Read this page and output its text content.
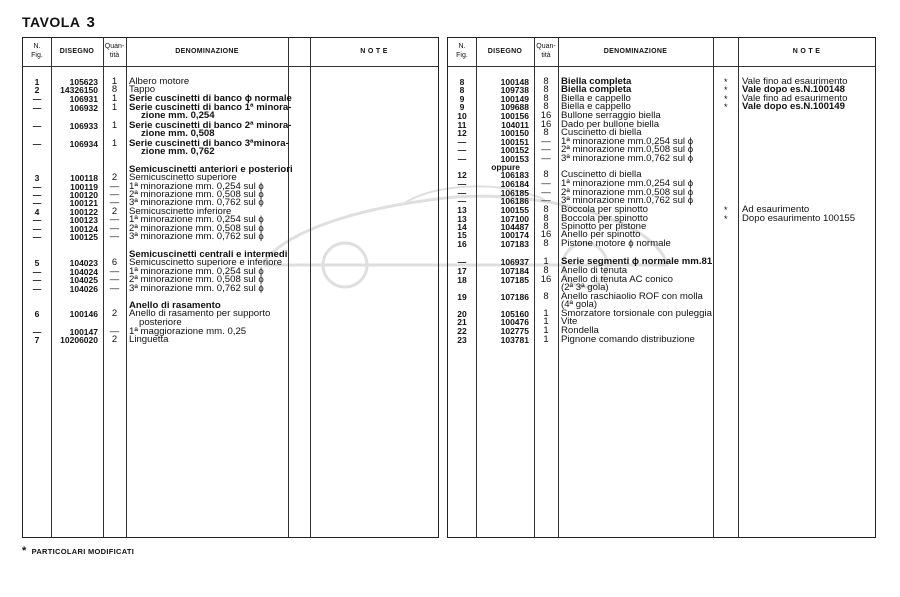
TAVOLA 3
N.
Fig.
DISEGNO
Quan-
tità
DENOMINAZIONE	N O T E
1	105623	1	Albero motore
2	14326150	8	Tappo
—	106931	1	Serie cuscinetti di banco ϕ normale
—	106932	1	Serie cuscinetti di banco 1ª minora-
zione mm. 0,254
—	106933	1	Serie cuscinetti di banco 2ª minora-
zione mm. 0,508
—	106934	1	Serie cuscinetti di banco 3ªminora-
zione mm. 0,762
Semicuscinetti anteriori e posteriori
3	100118	2	Semicuscinetto superiore
—	100119	—	1ª minorazione mm. 0,254 sul ϕ
—	100120	—	2ª minorazione mm. 0,508 sul ϕ
—	100121	—	3ª minorazione mm. 0,762 sul ϕ
4	100122	2	Semicuscinetto inferiore
—	100123	—	1ª minorazione mm. 0,254 sul ϕ
—	100124	—	2ª minorazione mm. 0,508 sul ϕ
—	100125	—	3ª minorazione mm. 0,762 sul ϕ
Semicuscinetti centrali e intermedi
5	104023	6	Semicuscinetto superiore e inferiore
—	104024	—	1ª minorazione mm. 0,254 sul ϕ
—	104025	—	2ª minorazione mm. 0,508 sul ϕ
—	104026	—	3ª minorazione mm. 0,762 sul ϕ
Anello di rasamento
6	100146	2	Anello di rasamento per supporto
posteriore
—	100147	—	1ª maggiorazione mm. 0,25
7	10206020	2	Linguetta
N.
Fig.
DISEGNO
Quan-
tità
DENOMINAZIONE	N O T E
8	100148	8	Biella completa	* Vale fino ad esaurimento
8	109738	8	Biella completa	* Vale dopo es.N.100148
9	100149	8	Biella e cappello	* Vale fino ad esaurimento
9	109688	8	Biella e cappello	* Vale dopo es.N.100149
10	100156	16	Bullone serraggio biella
11	104011	16	Dado per bullone biella
12	100150	8	Cuscinetto di biella
—	100151	—	1ª minorazione mm.0,254 sul ϕ
—	100152	—	2ª minorazione mm.0,508 sul ϕ
—	100153	—	3ª minorazione mm.0,762 sul ϕ
oppure
12	106183	8	Cuscinetto di biella
—	106184	—	1ª minorazione mm.0,254 sul ϕ
—	106185	—	2ª minorazione mm.0,508 sul ϕ
—	106186	—	3ª minorazione mm.0,762 sul ϕ
13	100155	8	Boccola per spinotto	* Ad esaurimento
13	107100	8	Boccola per spinotto	* Dopo esaurimento 100155
14	104487	8	Spinotto per pistone
15	100174	16	Anello per spinotto
16	107183	8	Pistone motore ϕ normale
—	106937	1	Serie segmenti ϕ normale mm.81
17	107184	8	Anello di tenuta
18	107185	16	Anello di tenuta AC conico
(2ª 3ª gola)
19	107186	8	Anello raschiaolio ROF con molla
(4ª gola)
20	105160	1	Smorzatore torsionale con puleggia
21	100476	1	Vite
22	102775	1	Rondella
23	103781	1	Pignone comando distribuzione
* PARTICOLARI MODIFICATI
